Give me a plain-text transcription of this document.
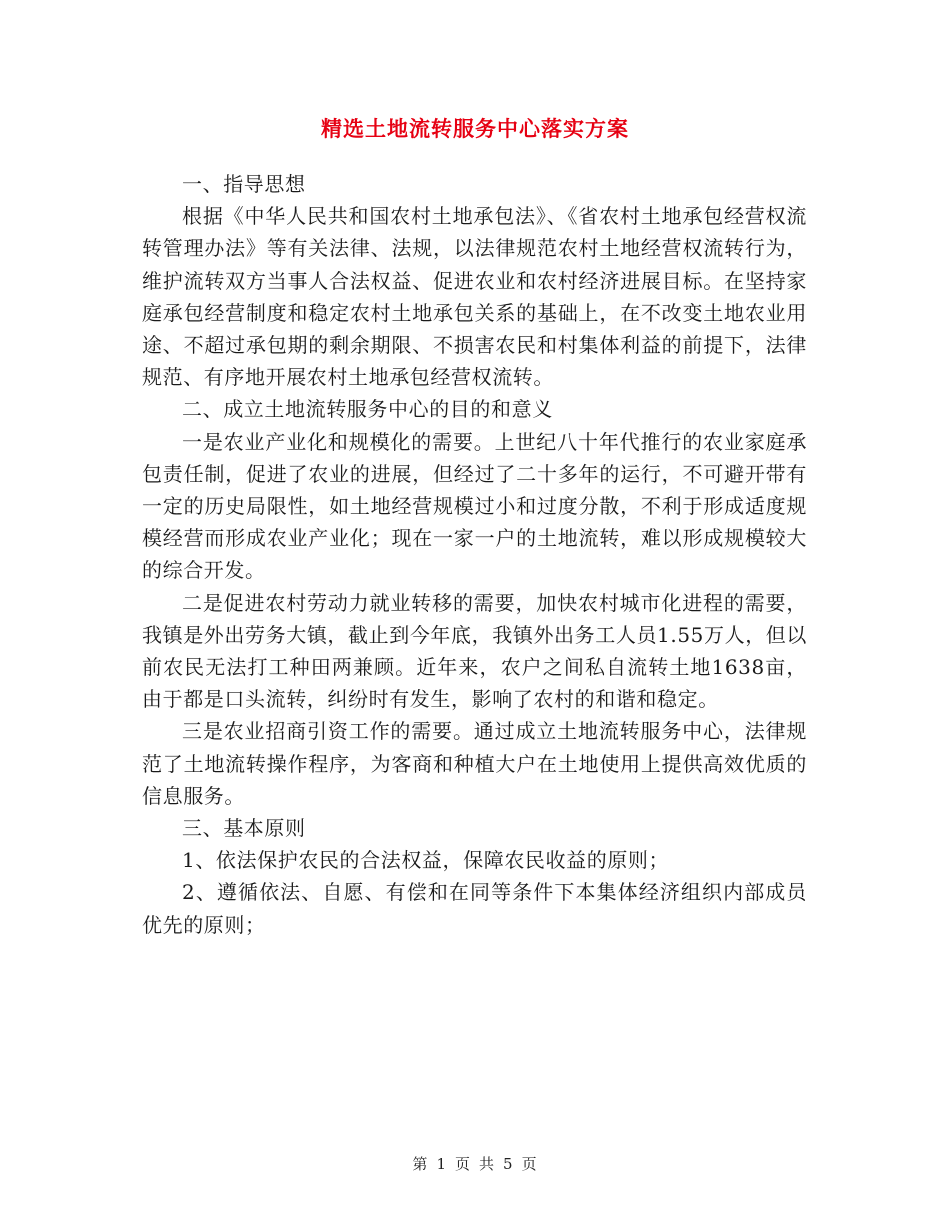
精选土地流转服务中心落实方案

一、指导思想

根据《中华人民共和国农村土地承包法》、《省农村土地承包经营权流转管理办法》等有关法律、法规，以法律规范农村土地经营权流转行为，维护流转双方当事人合法权益、促进农业和农村经济进展目标。在坚持家庭承包经营制度和稳定农村土地承包关系的基础上，在不改变土地农业用途、不超过承包期的剩余期限、不损害农民和村集体利益的前提下，法律规范、有序地开展农村土地承包经营权流转。

二、成立土地流转服务中心的目的和意义

一是农业产业化和规模化的需要。上世纪八十年代推行的农业家庭承包责任制，促进了农业的进展，但经过了二十多年的运行，不可避开带有一定的历史局限性，如土地经营规模过小和过度分散，不利于形成适度规模经营而形成农业产业化；现在一家一户的土地流转，难以形成规模较大的综合开发。

二是促进农村劳动力就业转移的需要，加快农村城市化进程的需要，我镇是外出劳务大镇，截止到今年底，我镇外出务工人员1.55万人，但以前农民无法打工种田两兼顾。近年来，农户之间私自流转土地1638亩，由于都是口头流转，纠纷时有发生，影响了农村的和谐和稳定。

三是农业招商引资工作的需要。通过成立土地流转服务中心，法律规范了土地流转操作程序，为客商和种植大户在土地使用上提供高效优质的信息服务。

三、基本原则

1、依法保护农民的合法权益，保障农民收益的原则；

2、遵循依法、自愿、有偿和在同等条件下本集体经济组织内部成员优先的原则；

第 1 页 共 5 页
